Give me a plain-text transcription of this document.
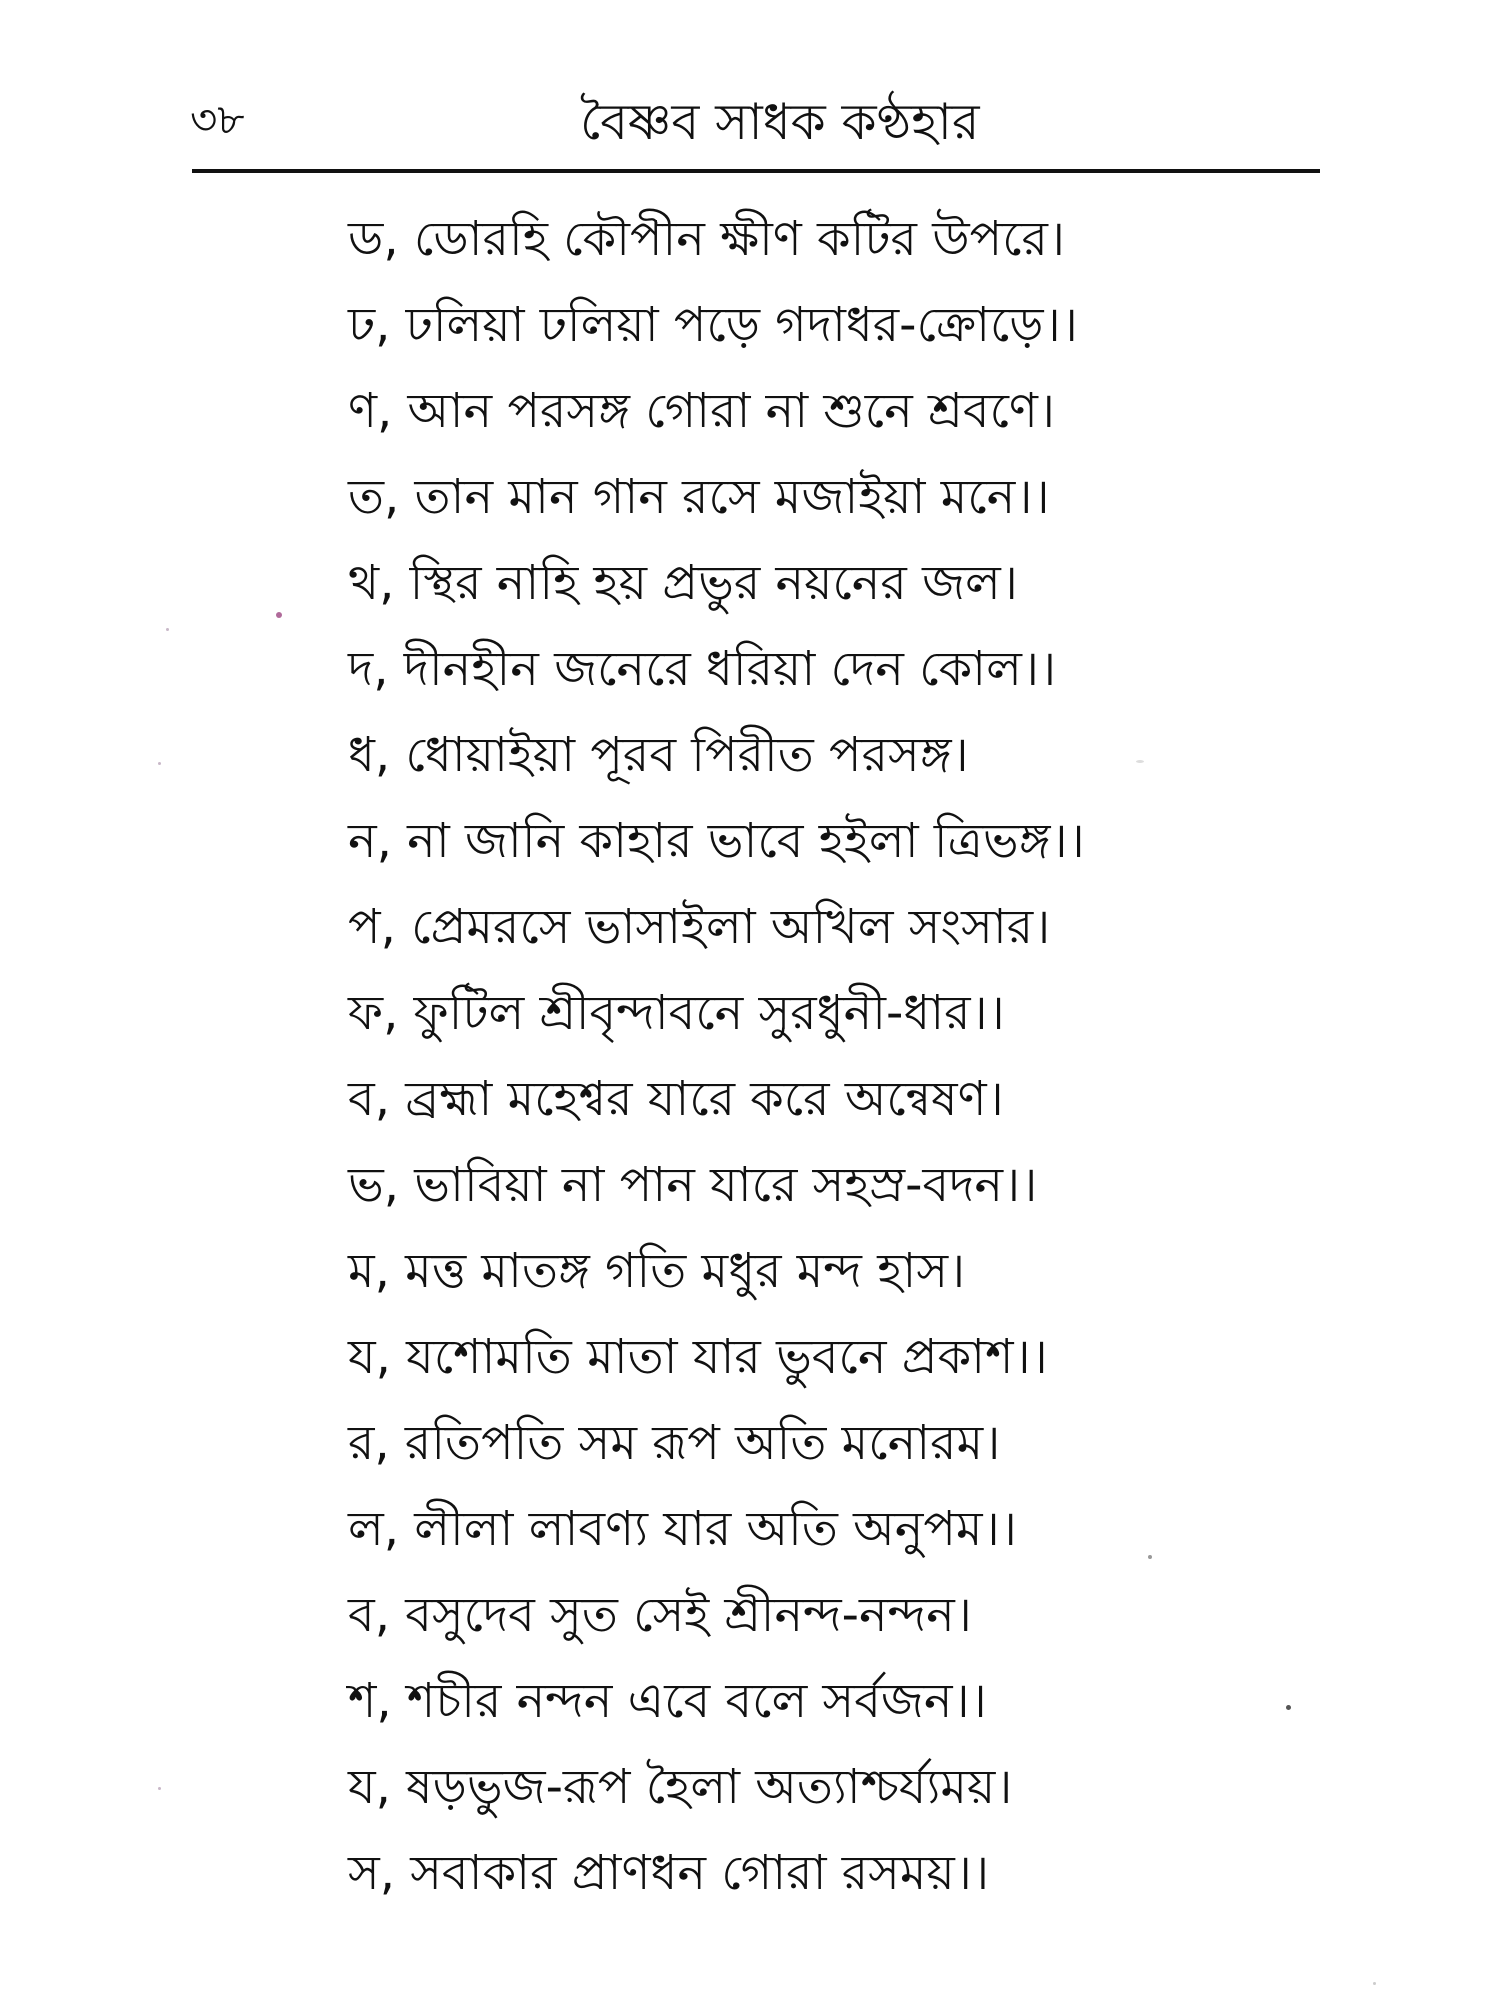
৩৮	বৈষ্ণব সাধক কণ্ঠহার
ড, ডোরহি কৌপীন ক্ষীণ কটির উপরে।
ঢ, ঢলিয়া ঢলিয়া পড়ে গদাধর-ক্রোড়ে।।
ণ, আন পরসঙ্গ গোরা না শুনে শ্রবণে।
ত, তান মান গান রসে মজাইয়া মনে।।
থ, স্থির নাহি হয় প্রভুর নয়নের জল।
দ, দীনহীন জনেরে ধরিয়া দেন কোল।।
ধ, ধোয়াইয়া পূরব পিরীত পরসঙ্গ।
ন, না জানি কাহার ভাবে হইলা ত্রিভঙ্গ।।
প, প্রেমরসে ভাসাইলা অখিল সংসার।
ফ, ফুটিল শ্রীবৃন্দাবনে সুরধুনী-ধার।।
ব, ব্রহ্মা মহেশ্বর যারে করে অন্বেষণ।
ভ, ভাবিয়া না পান যারে সহস্র-বদন।।
ম, মত্ত মাতঙ্গ গতি মধুর মন্দ হাস।
য, যশোমতি মাতা যার ভুবনে প্রকাশ।।
র, রতিপতি সম রূপ অতি মনোরম।
ল, লীলা লাবণ্য যার অতি অনুপম।।
ব, বসুদেব সুত সেই শ্রীনন্দ-নন্দন।
শ, শচীর নন্দন এবে বলে সর্বজন।।
য, ষড়ভুজ-রূপ হৈলা অত্যাশ্চর্য্যময়।
স, সবাকার প্রাণধন গোরা রসময়।।
